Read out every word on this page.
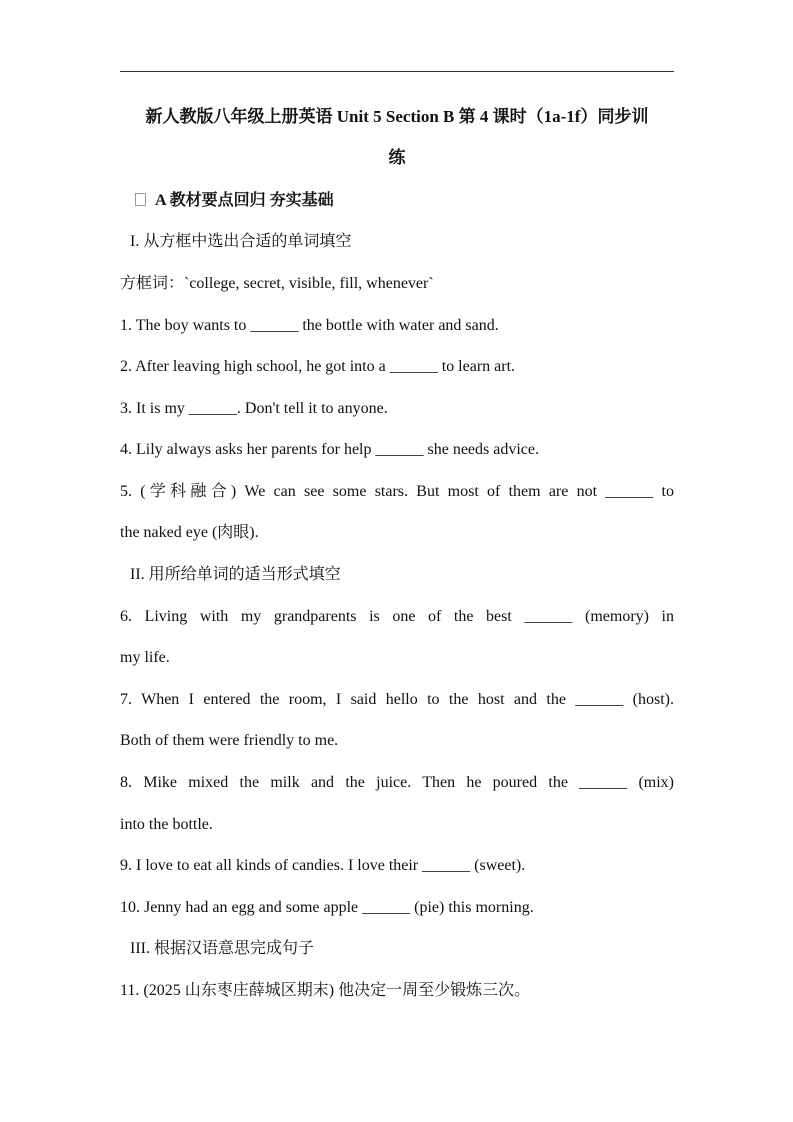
新人教版八年级上册英语 Unit 5 Section B 第 4 课时（1a-1f）同步训
练
A 教材要点回归 夯实基础
I. 从方框中选出合适的单词填空
方框词：`college, secret, visible, fill, whenever`
1. The boy wants to ______ the bottle with water and sand.
2. After leaving high school, he got into a ______ to learn art.
3. It is my ______. Don't tell it to anyone.
4. Lily always asks her parents for help ______ she needs advice.
5. (学科融合) We can see some stars. But most of them are not ______ to
the naked eye (肉眼).
II. 用所给单词的适当形式填空
6. Living with my grandparents is one of the best ______ (memory) in
my life.
7. When I entered the room, I said hello to the host and the ______ (host).
Both of them were friendly to me.
8. Mike mixed the milk and the juice. Then he poured the ______ (mix)
into the bottle.
9. I love to eat all kinds of candies. I love their ______ (sweet).
10. Jenny had an egg and some apple ______ (pie) this morning.
III. 根据汉语意思完成句子
11. (2025 山东枣庄薛城区期末) 他决定一周至少锻炼三次。
